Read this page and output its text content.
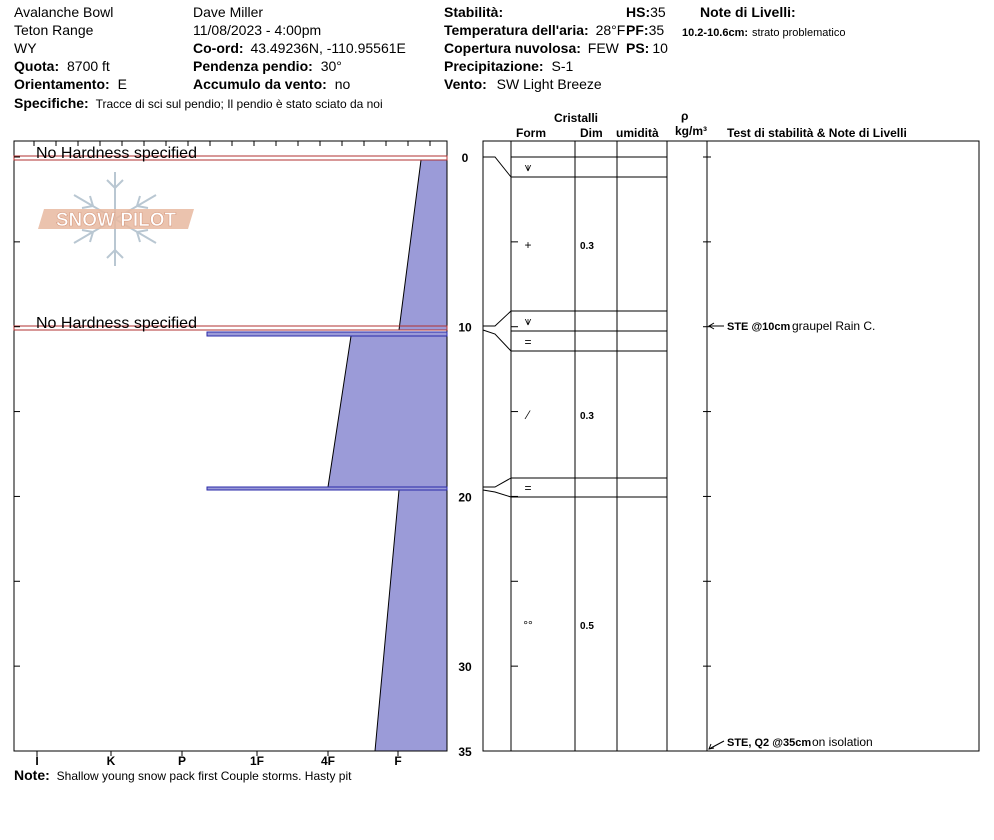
Avalanche Bowl
Teton Range
WY
Quota: 8700 ft
Orientamento: E
Specifiche: Tracce di sci sul pendio; Il pendio è stato sciato da noi
Dave Miller
11/08/2023 - 4:00pm
Co-ord: 43.49236N, -110.95561E
Pendenza pendio: 30°
Accumulo da vento: no
Stabilità:
Temperatura dell'aria: 28°F
Copertura nuvolosa: FEW
Precipitazione: S-1
Vento: SW Light Breeze
HS:35
PF:35
PS: 10
Note di Livelli:
10.2-10.6cm: strato problematico
Cristalli
Form	Dim umidità
ρ
kg/m³ Test di stabilità & Note di Livelli
SNOW PILOT
No Hardness specified
No Hardness specified
I	K	P	1F	4F	F
0
10
20
30
35
⩛
+	0.3
⩛
=
⁄	0.3
=
°°	0.5
STE @10cm graupel Rain C.
STE, Q2 @35cm on isolation
Note: Shallow young snow pack first Couple storms. Hasty pit
